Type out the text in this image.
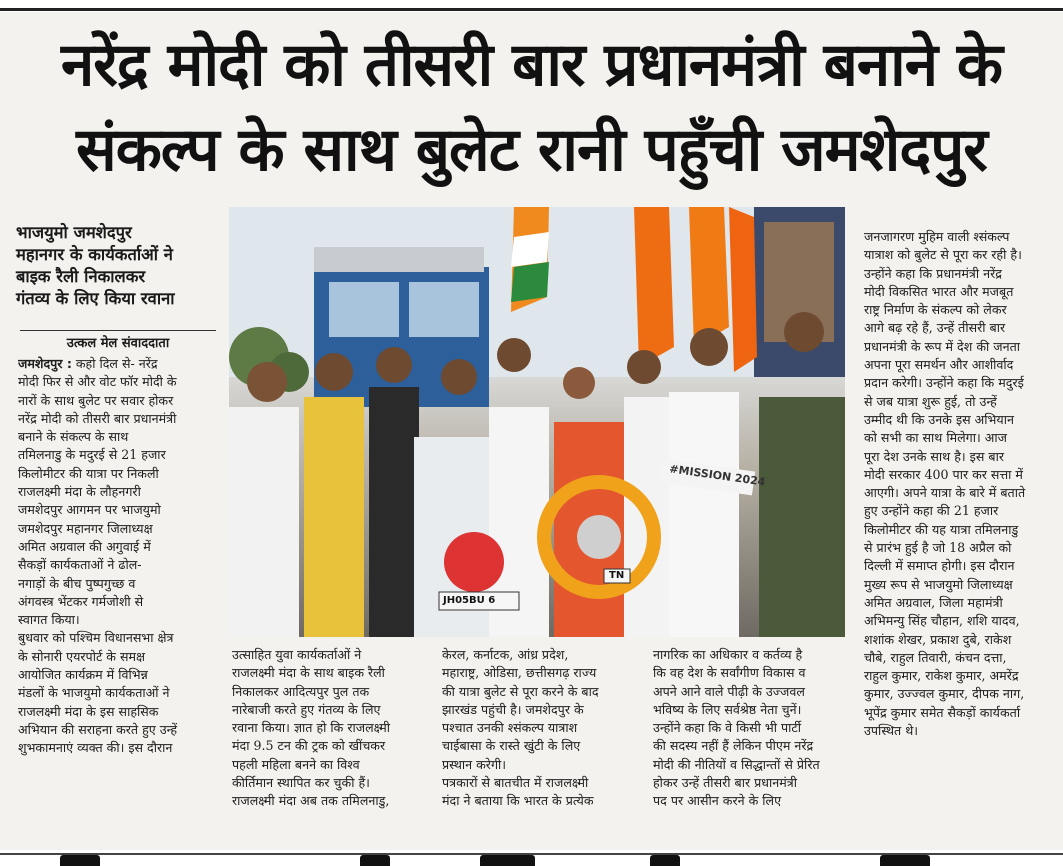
नरेंद्र मोदी को तीसरी बार प्रधानमंत्री बनाने के
संकल्प के साथ बुलेट रानी पहुँची जमशेदपुर
भाजयुमो जमशेदपुर
महानगर के कार्यकर्ताओं ने
बाइक रैली निकालकर
गंतव्य के लिए किया रवाना
उत्कल मेल संवाददाता
जमशेदपुर : कहो दिल से- नरेंद्र
मोदी फिर से और वोट फॉर मोदी के
नारों के साथ बुलेट पर सवार होकर
नरेंद्र मोदी को तीसरी बार प्रधानमंत्री
बनाने के संकल्प के साथ
तमिलनाडु के मदुरई से 21 हजार
किलोमीटर की यात्रा पर निकली
राजलक्ष्मी मंदा के लौहनगरी
जमशेदपुर आगमन पर भाजयुमो
जमशेदपुर महानगर जिलाध्यक्ष
अमित अग्रवाल की अगुवाई में
सैकड़ों कार्यकताओं ने ढोल-
नगाड़ों के बीच पुष्पगुच्छ व
अंगवस्त्र भेंटकर गर्मजोशी से
स्वागत किया।
बुधवार को पश्चिम विधानसभा क्षेत्र
के सोनारी एयरपोर्ट के समक्ष
आयोजित कार्यक्रम में विभिन्न
मंडलों के भाजयुमो कार्यकताओं ने
राजलक्ष्मी मंदा के इस साहसिक
अभियान की सराहना करते हुए उन्हें
शुभकामनाएं व्यक्त की। इस दौरान
#MISSION 2024
JH05BU 6
TN
उत्साहित युवा कार्यकर्ताओं ने
राजलक्ष्मी मंदा के साथ बाइक रैली
निकालकर आदित्यपुर पुल तक
नारेबाजी करते हुए गंतव्य के लिए
रवाना किया। ज्ञात हो कि राजलक्ष्मी
मंदा 9.5 टन की ट्रक को खींचकर
पहली महिला बनने का विश्व
कीर्तिमान स्थापित कर चुकी हैं।
राजलक्ष्मी मंदा अब तक तमिलनाडु,
केरल, कर्नाटक, आंध्र प्रदेश,
महाराष्ट्र, ओडिसा, छत्तीसगढ़ राज्य
की यात्रा बुलेट से पूरा करने के बाद
झारखंड पहुंची है। जमशेदपुर के
पश्चात उनकी श्संकल्प यात्राश
चाईबासा के रास्ते खुंटी के लिए
प्रस्थान करेगी।
पत्रकारों से बातचीत में राजलक्ष्मी
मंदा ने बताया कि भारत के प्रत्येक
नागरिक का अधिकार व कर्तव्य है
कि वह देश के सर्वांगीण विकास व
अपने आने वाले पीढ़ी के उज्जवल
भविष्य के लिए सर्वश्रेष्ठ नेता चुनें।
उन्होंने कहा कि वे किसी भी पार्टी
की सदस्य नहीं हैं लेकिन पीएम नरेंद्र
मोदी की नीतियों व सिद्धान्तों से प्रेरित
होकर उन्हें तीसरी बार प्रधानमंत्री
पद पर आसीन करने के लिए
जनजागरण मुहिम वाली श्संकल्प
यात्राश को बुलेट से पूरा कर रही है।
उन्होंने कहा कि प्रधानमंत्री नरेंद्र
मोदी विकसित भारत और मजबूत
राष्ट्र निर्माण के संकल्प को लेकर
आगे बढ़ रहे हैं, उन्हें तीसरी बार
प्रधानमंत्री के रूप में देश की जनता
अपना पूरा समर्थन और आशीर्वाद
प्रदान करेगी। उन्होंने कहा कि मदुरई
से जब यात्रा शुरू हुई, तो उन्हें
उम्मीद थी कि उनके इस अभियान
को सभी का साथ मिलेगा। आज
पूरा देश उनके साथ है। इस बार
मोदी सरकार 400 पार कर सत्ता में
आएगी। अपने यात्रा के बारे में बताते
हुए उन्होंने कहा की 21 हजार
किलोमीटर की यह यात्रा तमिलनाडु
से प्रारंभ हुई है जो 18 अप्रैल को
दिल्ली में समाप्त होगी। इस दौरान
मुख्य रूप से भाजयुमो जिलाध्यक्ष
अमित अग्रवाल, जिला महामंत्री
अभिमन्यु सिंह चौहान, शशि यादव,
शशांक शेखर, प्रकाश दुबे, राकेश
चौबे, राहुल तिवारी, कंचन दत्ता,
राहुल कुमार, राकेश कुमार, अमरेंद्र
कुमार, उज्ज्वल कुमार, दीपक नाग,
भूपेंद्र कुमार समेत सैकड़ों कार्यकर्ता
उपस्थित थे।
